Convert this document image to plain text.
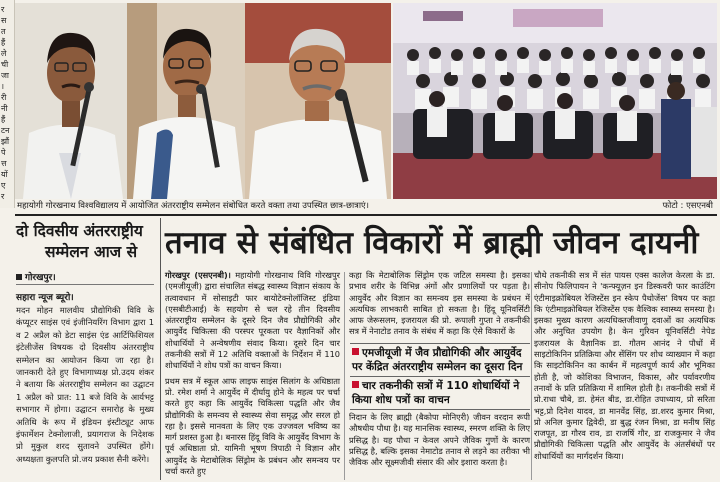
र
स
त
हैं
ले
ची
जा
।
री
नी
हैं
टन
झौं
पे
त्त
यों
ए
र
महायोगी गोरखनाथ विश्वविद्यालय में आयोजित अंतरराष्ट्रीय सम्मेलन संबोधित करते वक्ता तथा उपस्थित छात्र-छात्राएं।	फोटो : एसएनबी
दो दिवसीय अंतरराष्ट्रीय
सम्मेलन आज से
गोरखपुर।
सहारा न्यूज ब्यूरो।
मदन मोहन मालवीय प्रौद्योगिकी विवि के कंप्यूटर साइंस एवं इंजीनियरिंग विभाग द्वारा 1 व 2 अप्रैल को डेटा साइंस एंड आर्टिफिशियल इंटेलीजेंस विषयक दो दिवसीय अंतरराष्ट्रीय सम्मेलन का आयोजन किया जा रहा है। जानकारी देते हुए विभागाध्यक्ष प्रो.उदय शंकर ने बताया कि अंतरराष्ट्रीय सम्मेलन का उद्घाटन 1 अप्रैल को प्रात: 11 बजे विवि के आर्यभट्ट सभागार में होगा। उद्घाटन समारोह के मुख्य अतिथि के रूप में इंडियन इंस्टीट्यूट आफ इंफार्मेशन टेक्नोलाजी, प्रयागराज के निदेशक प्रो मुकुल शरद सुतावने उपस्थित होंगे। अध्यक्षता कुलपति प्रो.जय प्रकाश सैनी करेंगे।
तनाव से संबंधित विकारों में ब्राह्मी जीवन दायनी
गोरखपुर (एसएनबी)। महायोगी गोरखनाथ विवि गोरखपुर (एमजीयूजी) द्वारा संचालित संबद्ध स्वास्थ्य विज्ञान संकाय के तत्वावधान में सोसाइटी फार बायोटेक्नोलॉजिस्ट इंडिया (एसबीटीआई) के सहयोग से चल रहे तीन दिवसीय अंतरराष्ट्रीय सम्मेलन के दूसरे दिन जैव प्रौद्योगिकी और आयुर्वेद चिकित्सा की परस्पर पूरकता पर वैज्ञानिकों और शोधार्थियों ने अन्वेषणीय संवाद किया। दूसरे दिन चार तकनीकी सत्रों में 12 अतिथि वक्ताओं के निर्देशन में 110 शोधार्थियों ने शोध पत्रों का वाचन किया।
प्रथम सत्र में स्कूल आफ लाइफ साइंस सिलांग के अधिष्ठाता प्रो. रमेश शर्मा ने आयुर्वेद में दीर्घायु होने के महत्व पर चर्चा करते हुए कहा कि आयुर्वेद चिकित्सा पद्धति और जैव प्रौद्योगिकी के समन्वय से स्वास्थ्य सेवा समृद्ध और सरल हो रहा है। इससे मानवता के लिए एक उज्जवल भविष्य का मार्ग प्रशस्त हुआ है। बनारस हिंदू विवि के आयुर्वेद विभाग के पूर्व अधिष्ठाता प्रो. यामिनी भूषण त्रिपाठी ने विज्ञान और आयुर्वेद के मेटाबोलिक सिंड्रोम के प्रबंधन और समन्वय पर चर्चा करते हुए
कहा कि मेटाबोलिक सिंड्रोम एक जटिल समस्या है। इसका प्रभाव शरीर के विभिन्न अंगों और प्रणालियों पर पड़ता है। आयुर्वेद और विज्ञान का समन्वय इस समस्या के प्रबंधन में अत्यधिक लाभकारी साबित हो सकता है। हिंदू यूनिवर्सिटी आफ जेरूसलम, इजरायल की प्रो. रूपाली गुप्ता ने तकनीकी सत्र में नेनाटोड तनाव के संबंध में कहा कि ऐसे विकारों के
एमजीयूजी में जैव प्रौद्योगिकी और आयुर्वेद पर केंद्रित अंतरराष्ट्रीय सम्मेलन का दूसरा दिन
चार तकनीकी सत्रों में 110 शोधार्थियों ने किया शोध पत्रों का वाचन
निदान के लिए ब्राह्मी (बैकोपा मोनिएरी) जीवन वरदान रूपी औषधीय पौधा है। यह मानसिक स्वास्थ्य, स्मरण शक्ति के लिए प्रसिद्ध है। यह पौधा न केवल अपने जैविक गुणों के कारण प्रसिद्ध है, बल्कि इसका नेमाटोड तनाव से लड़ने का तरीका भी जैविक और सूक्ष्मजीवी संसार की ओर इशारा करता है।
चौथे तकनीकी सत्र में संत पायस एक्स कालेज केरला के डा. सीनोप फिलिपायन ने 'कन्फ्यूज़न इन डिस्कवरी फार काउंटिंग एंटीमाइक्रोबियल रेजिस्टेंस इन स्केप पैथोजेंस' विषय पर कहा कि एंटीमाइक्रोबियल रेजिस्टेंस एक वैश्विक स्वास्थ्य समस्या है। इसका मुख्य कारण अत्यधिक्तजीवाणु दवाओं का अत्यधिक और अनुचित उपयोग है। केन गुरिवन यूनिवर्सिटी नेपेड इजरायल के वैज्ञानिक डा. गौतम आनंद ने पौधों में साइटोकिनिन प्रतिक्रिया और सेंसिंग पर शोध व्याख्यान में कहा कि साइटोकिनिन का कार्बन में महत्वपूर्ण कार्य और भूमिका होती है, जो कोशिका विभाजन, विकास, और पर्यावरणीय तनावों के प्रति प्रतिक्रिया में शामिल होती है। तकनीकी सत्रों में प्रो.राधा चौबे, डा. हेमंत बीड, डा.रोहित उपाध्याय, प्रो सरिता भट्ट,प्रो दिनेश यादव, डा मानवेंद्र सिंह, डा.शरद कुमार मिश्रा, प्रो अनिल कुमार द्विवेदी, डा बुद्ध रंजन मिश्रा, डा मनीष सिंह राजपूत, डा गौरव राव, डा राजर्षि गौर, डा राजकुमार ने जैव प्रौद्योगिकी चिकित्सा पद्धति और आयुर्वेद के अंतर्संबंधों पर शोधार्थियों का मार्गदर्शन किया।
